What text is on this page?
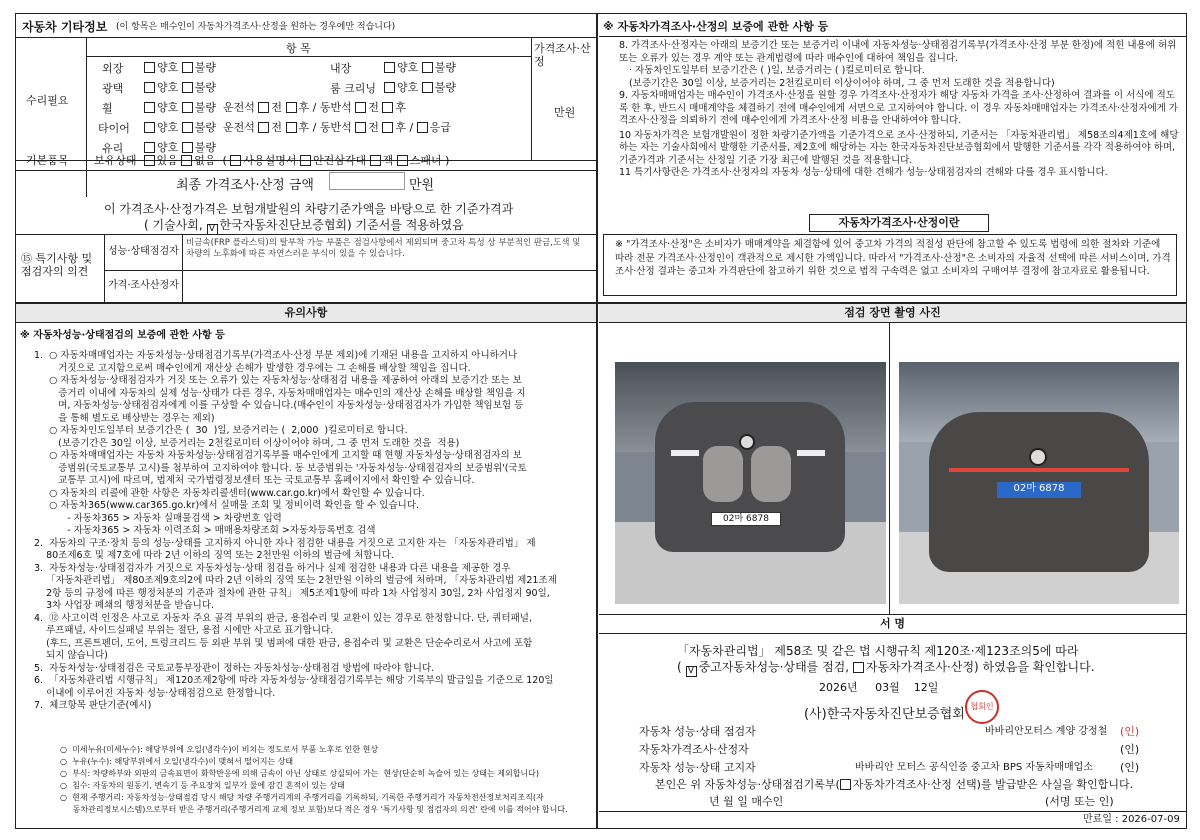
자동차 기타정보 (이 항목은 매수인이 자동차가격조사·산정을 원하는 경우에만 적습니다)
항 목	가격조사·산정
수리필요
만원
외장	양호 불량	내장	양호 불량
광택	양호 불량	룸 크리닝	양호 불량
휠	양호 불량  운전석 전 후 / 동반석 전 후
타이어	양호 불량  운전석 전 후 / 동반석 전 후 / 응급
유리	양호 불량
기본품목 보유상태 있음 없음  ( 사용설명서 안전삼각대 잭 스패너 )
최종 가격조사·산정 금액	만원
이 가격조사·산정가격은 보험개발원의 차량기준가액을 바탕으로 한 기준가격과
( 기술사회, V 한국자동차진단보증협회) 기준서를 적용하였음
⑮ 특기사항 및 점검자의 의견
성능·상태점검자
비금속(FRP 플라스틱)의 탈부착 가능 부품은 점검사항에서 제외되며 중고차 특성 상 부분적인 판금,도색 및 차량의 노후화에 따른 자연스러운 부식이 있을 수 있습니다.
가격·조사산정자
※ 자동차가격조사·산정의 보증에 관한 사항 등
8. 가격조사·산정자는 아래의 보증기간 또는 보증거리 이내에 자동차성능·상태점검기록부(가격조사·산정 부분 한정)에 적힌 내용에 허위 또는 오류가 있는 경우 계약 또는 관계법령에 따라 매수인에 대하여 책임을 집니다.
· 자동차인도일부터 보증기간은 ( )일, 보증거리는 ( )킬로미터로 합니다.
(보증기간은 30일 이상, 보증거리는 2천킬로미터 이상이어야 하며, 그 중 먼저 도래한 것을 적용합니다)
9. 자동차매매업자는 매수인이 가격조사·산정을 원할 경우 가격조사·산정자가 해당 자동차 가격을 조사·산정하여 결과를 이 서식에 적도록 한 후, 반드시 매매계약을 체결하기 전에 매수인에게 서면으로 고지하여야 합니다. 이 경우 자동차매매업자는 가격조사·산정자에게 가격조사·산정을 의뢰하기 전에 매수인에게 가격조사·산정 비용을 안내하여야 합니다.
10 자동차가격은 보험개발원이 정한 차량기준가액을 기준가격으로 조사·산정하되, 기준서는 「자동차관리법」 제58조의4제1호에 해당하는 자는 기술사회에서 발행한 기준서를, 제2호에 해당하는 자는 한국자동차진단보증협회에서 발행한 기준서를 각각 적용하여야 하며, 기준가격과 기준서는 산정일 기준 가장 최근에 발행된 것을 적용합니다.
11 특기사항란은 가격조사·산정자의 자동차 성능·상태에 대한 견해가 성능·상태점검자의 견해와 다를 경우 표시합니다.
자동차가격조사·산정이란
※ "가격조사·산정"은 소비자가 매매계약을 체결함에 있어 중고차 가격의 적절성 판단에 참고할 수 있도록 법령에 의한 절차와 기준에 따라 전문 가격조사·산정인이 객관적으로 제시한 가액입니다. 따라서 "가격조사·산정"은 소비자의 자율적 선택에 따른 서비스이며, 가격조사·산정 결과는 중고차 가격판단에 참고하기 위한 것으로 법적 구속력은 없고 소비자의 구매여부 결정에 참고자료로 활용됩니다.
유의사항
※ 자동차성능·상태점검의 보증에 관한 사항 등
1.  ○ 자동차매매업자는 자동차성능·상태점검기록부(가격조사·산정 부분 제외)에 기재된 내용을 고지하지 아니하거나
거짓으로 고지함으로써 매수인에게 재산상 손해가 발생한 경우에는 그 손해를 배상할 책임을 집니다.
○ 자동차성능·상태점검자가 거짓 또는 오류가 있는 자동차성능·상태점검 내용을 제공하여 아래의 보증기간 또는 보
증거리 이내에 자동차의 실제 성능·상태가 다른 경우, 자동차매매업자는 매수인의 재산상 손해를 배상할 책임을 지
며, 자동차성능·상태점검자에게 이를 구상할 수 있습니다.(매수인이 자동차성능·상태점검자가 가입한 책임보험 등
을 통해 별도로 배상받는 경우는 제외)
○ 자동차인도일부터 보증기간은 (  30  )일, 보증거리는 (  2,000  )킬로미터로 합니다.
(보증기간은 30일 이상, 보증거리는 2천킬로미터 이상이어야 하며, 그 중 먼저 도래한 것을  적용)
○ 자동차매매업자는 자동차 자동차성능·상태점검기록부를 매수인에게 고지할 때 현행 자동차성능·상태점검자의 보
증범위(국토교통부 고시)를 첨부하여 고지하여야 합니다. 동 보증범위는 '자동차성능·상태점검자의 보증범위'(국토
교통부 고시)에 따르며, 법제처 국가법령정보센터 또는 국토교통부 홈페이지에서 확인할 수 있습니다.
○ 자동차의 리콜에 관한 사항은 자동차리콜센터(www.car.go.kr)에서 확인할 수 있습니다.
○ 자동차365(www.car365.go.kr)에서 실매물 조회 및 정비이력 확인을 할 수 있습니다.
- 자동차365 > 자동차 실매물검색 > 차량번호 입력
- 자동차365 > 자동차 이력조회 > 매매용차량조회 >자동차등록번호 검색
2.  자동차의 구조·장치 등의 성능·상태를 고지하지 아니한 자나 점검한 내용을 거짓으로 고지한 자는 「자동차관리법」 제
80조제6호 및 제7호에 따라 2년 이하의 징역 또는 2천만원 이하의 벌금에 처합니다.
3.  자동차성능·상태점검자가 거짓으로 자동차성능·상태 점검을 하거나 실제 점검한 내용과 다른 내용을 제공한 경우
「자동차관리법」 제80조제9호의2에 따라 2년 이하의 징역 또는 2천만원 이하의 벌금에 처하며, 「자동차관리법 제21조제
2항 등의 규정에 따른 행정처분의 기준과 절차에 관한 규칙」 제5조제1항에 따라 1차 사업정지 30일, 2차 사업정지 90일,
3차 사업장 폐쇄의 행정처분을 받습니다.
4.  ⑫ 사고이력 인정은 사고로 자동차 주요 골격 부위의 판금, 용접수리 및 교환이 있는 경우로 한정합니다. 단, 쿼터패널,
루프패널, 사이드실패널 부위는 절단, 용접 시에만 사고로 표기합니다.
(후드, 프론트펜더, 도어, 트렁크리드 등 외판 부위 및 범퍼에 대한 판금, 용접수리 및 교환은 단순수리로서 사고에 포함
되지 않습니다)
5.  자동차성능·상태점검은 국토교통부장관이 정하는 자동차성능·상태점검 방법에 따라야 합니다.
6.  「자동차관리법 시행규칙」 제120조제2항에 따라 자동차성능·상태점검기록부는 해당 기록부의 발급일을 기준으로 120일
이내에 이루어진 자동차 성능·상태점검으로 한정합니다.
7.  체크항목 판단기준(예시)
○  미세누유(미세누수): 해당부위에 오일(냉각수)이 비치는 정도로서 부품 노후로 인한 현상
○  누유(누수): 해당부위에서 오일(냉각수)이 맺혀서 떨어지는 상태
○  부식: 차량하부와 외판의 금속표면이 화학반응에 의해 금속이 아닌 상태로 상실되어 가는  현상(단순히 녹슬어 있는 상태는 제외합니다)
○  침수: 자동차의 원동기, 변속기 등 주요장치 일부가 물에 잠긴 흔적이 있는 상태
○  현재 주행거리: 자동차성능·상태점검 당시 해당 차량 주행거리계의 주행거리를 기록하되, 기록한 주행거리가 자동차전산정보처리조직(자
동차관리정보시스템)으로부터 받은 주행거리(주행거리계 교체 정보 포함)보다 적은 경우 '특기사항 및 점검자의 의견' 란에 이를 적어야 합니다.
점검 장면 촬영 사진
02마 6878
02마 6878
서 명
「자동차관리법」 제58조 및 같은 법 시행규칙 제120조·제123조의5에 따라
( V 중고자동차성능·상태를 점검, 자동차가격조사·산정) 하였음을 확인합니다.
2026년 03월 12일
(사)한국자동차진단보증협회
협회인
자동차 성능·상태 점검자	바바리안모터스 계양 강정철 (인)
자동차가격조사·산정자	(인)
자동차 성능·상태 고지자	바바리안 모터스 공식인증 중고차 BPS 자동차매매업소 (인)
본인은 위 자동차성능·상태점검기록부( 자동차가격조사·산정 선택)를 발급받은 사실을 확인합니다.
년 월 일 매수인	(서명 또는 인)
만료일 : 2026-07-09
